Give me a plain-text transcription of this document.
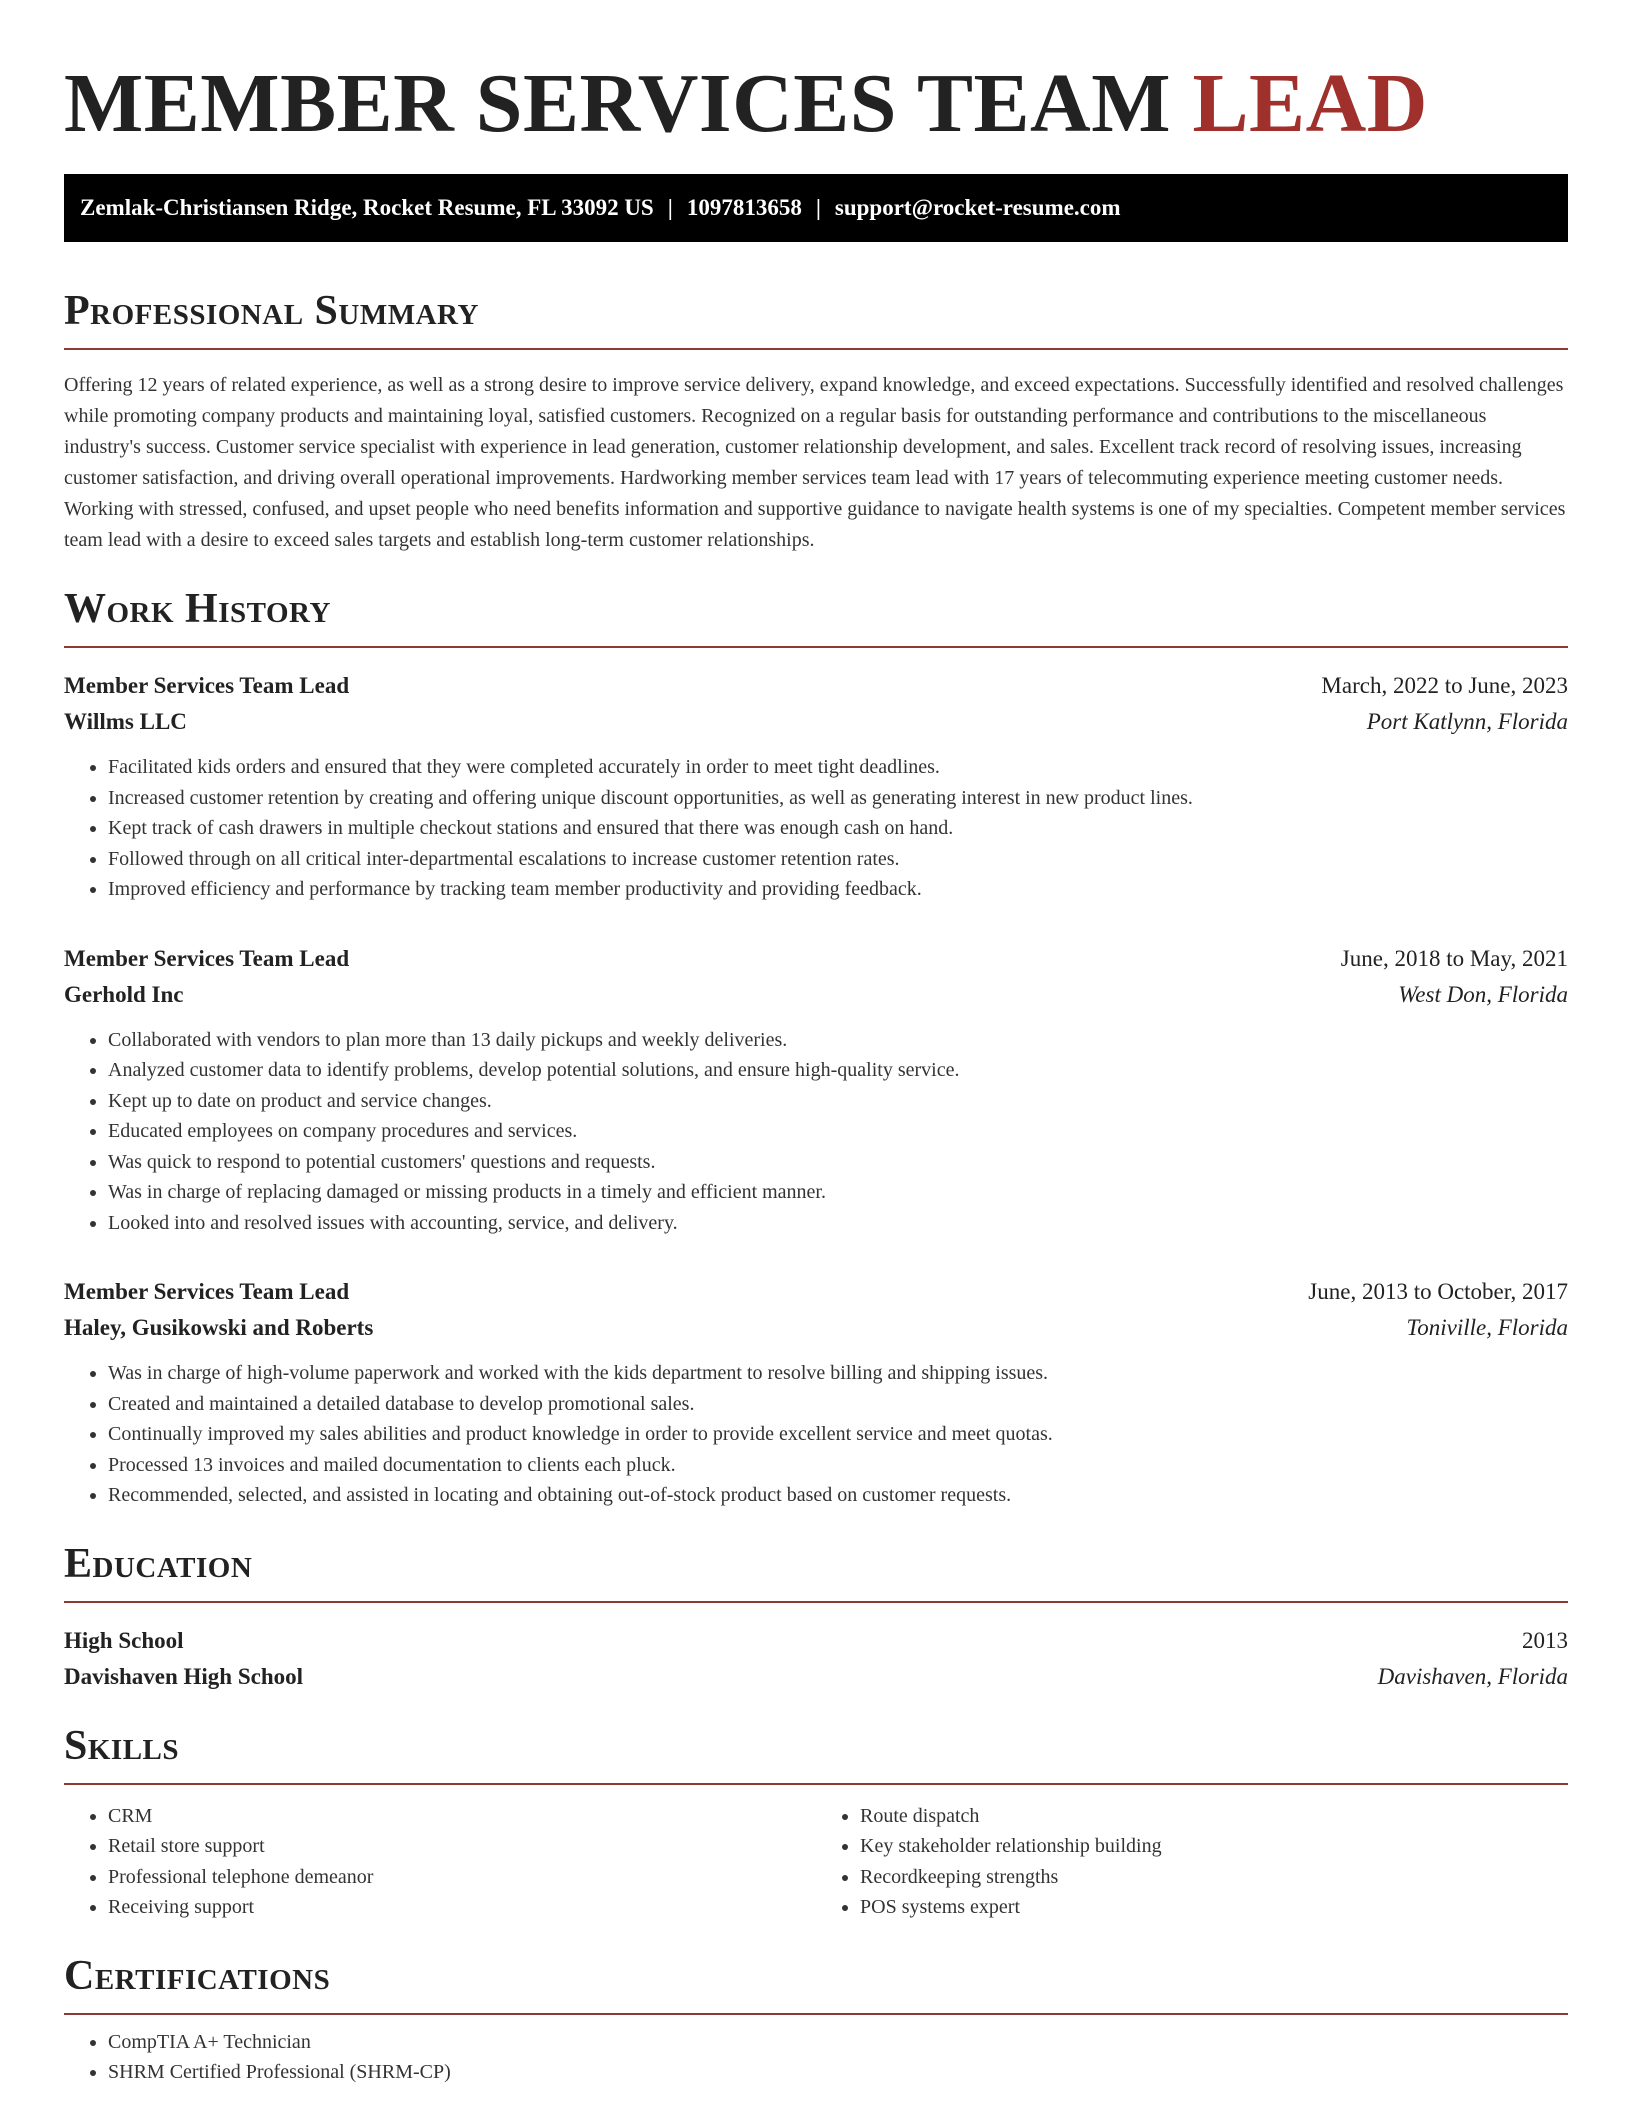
MEMBER SERVICES TEAM LEAD
Zemlak-Christiansen Ridge, Rocket Resume, FL 33092 US | 1097813658 | support@rocket-resume.com
Professional Summary

Offering 12 years of related experience, as well as a strong desire to improve service delivery, expand knowledge, and exceed expectations. Successfully identified and resolved challenges while promoting company products and maintaining loyal, satisfied customers. Recognized on a regular basis for outstanding performance and contributions to the miscellaneous industry's success. Customer service specialist with experience in lead generation, customer relationship development, and sales. Excellent track record of resolving issues, increasing customer satisfaction, and driving overall operational improvements. Hardworking member services team lead with 17 years of telecommuting experience meeting customer needs. Working with stressed, confused, and upset people who need benefits information and supportive guidance to navigate health systems is one of my specialties. Competent member services team lead with a desire to exceed sales targets and establish long-term customer relationships.

Work History
Member Services Team Lead	March, 2022 to June, 2023
Willms LLC	Port Katlynn, Florida
• Facilitated kids orders and ensured that they were completed accurately in order to meet tight deadlines.
• Increased customer retention by creating and offering unique discount opportunities, as well as generating interest in new product lines.
• Kept track of cash drawers in multiple checkout stations and ensured that there was enough cash on hand.
• Followed through on all critical inter-departmental escalations to increase customer retention rates.
• Improved efficiency and performance by tracking team member productivity and providing feedback.
Member Services Team Lead	June, 2018 to May, 2021
Gerhold Inc	West Don, Florida
• Collaborated with vendors to plan more than 13 daily pickups and weekly deliveries.
• Analyzed customer data to identify problems, develop potential solutions, and ensure high-quality service.
• Kept up to date on product and service changes.
• Educated employees on company procedures and services.
• Was quick to respond to potential customers' questions and requests.
• Was in charge of replacing damaged or missing products in a timely and efficient manner.
• Looked into and resolved issues with accounting, service, and delivery.
Member Services Team Lead	June, 2013 to October, 2017
Haley, Gusikowski and Roberts	Toniville, Florida
• Was in charge of high-volume paperwork and worked with the kids department to resolve billing and shipping issues.
• Created and maintained a detailed database to develop promotional sales.
• Continually improved my sales abilities and product knowledge in order to provide excellent service and meet quotas.
• Processed 13 invoices and mailed documentation to clients each pluck.
• Recommended, selected, and assisted in locating and obtaining out-of-stock product based on customer requests.
Education
High School	2013
Davishaven High School	Davishaven, Florida
Skills
• CRM
• Retail store support
• Professional telephone demeanor
• Receiving support
• Route dispatch
• Key stakeholder relationship building
• Recordkeeping strengths
• POS systems expert
Certifications
• CompTIA A+ Technician
• SHRM Certified Professional (SHRM-CP)
